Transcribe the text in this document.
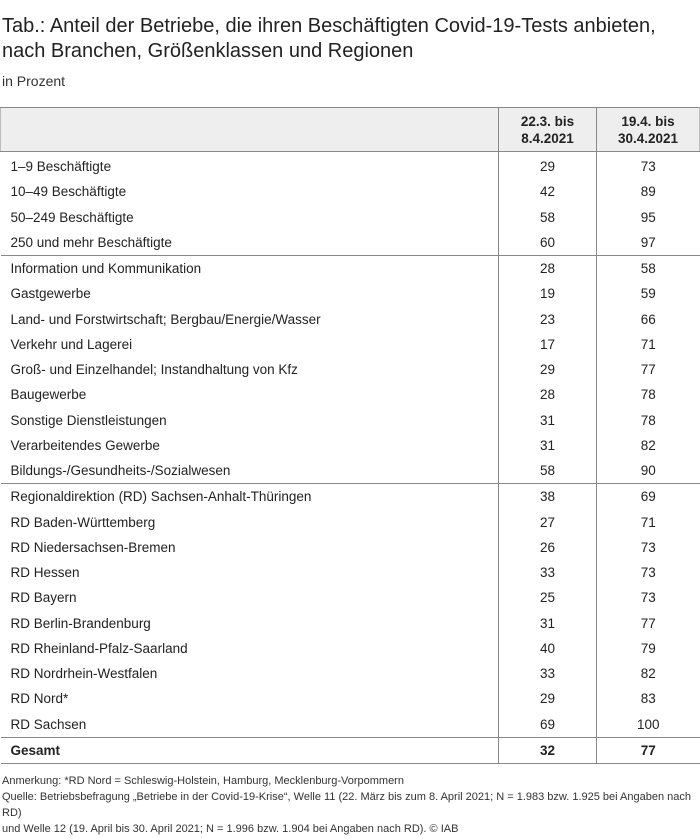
Tab.: Anteil der Betriebe, die ihren Beschäftigten Covid-19-Tests anbieten, nach Branchen, Größenklassen und Regionen
in Prozent
	22.3. bis
8.4.2021	19.4. bis
30.4.2021
1–9 Beschäftigte	29	73
10–49 Beschäftigte	42	89
50–249 Beschäftigte	58	95
250 und mehr Beschäftigte	60	97
Information und Kommunikation	28	58
Gastgewerbe	19	59
Land- und Forstwirtschaft; Bergbau/Energie/Wasser	23	66
Verkehr und Lagerei	17	71
Groß- und Einzelhandel; Instandhaltung von Kfz	29	77
Baugewerbe	28	78
Sonstige Dienstleistungen	31	78
Verarbeitendes Gewerbe	31	82
Bildungs-/Gesundheits-/Sozialwesen	58	90
Regionaldirektion (RD) Sachsen-Anhalt-Thüringen	38	69
RD Baden-Württemberg	27	71
RD Niedersachsen-Bremen	26	73
RD Hessen	33	73
RD Bayern	25	73
RD Berlin-Brandenburg	31	77
RD Rheinland-Pfalz-Saarland	40	79
RD Nordrhein-Westfalen	33	82
RD Nord*	29	83
RD Sachsen	69	100
Gesamt	32	77
Anmerkung: *RD Nord = Schleswig-Holstein, Hamburg, Mecklenburg-Vorpommern
Quelle: Betriebsbefragung „Betriebe in der Covid-19-Krise“, Welle 11 (22. März bis zum 8. April 2021; N = 1.983 bzw. 1.925 bei Angaben nach RD)
und Welle 12 (19. April bis 30. April 2021; N = 1.996 bzw. 1.904 bei Angaben nach RD). © IAB
